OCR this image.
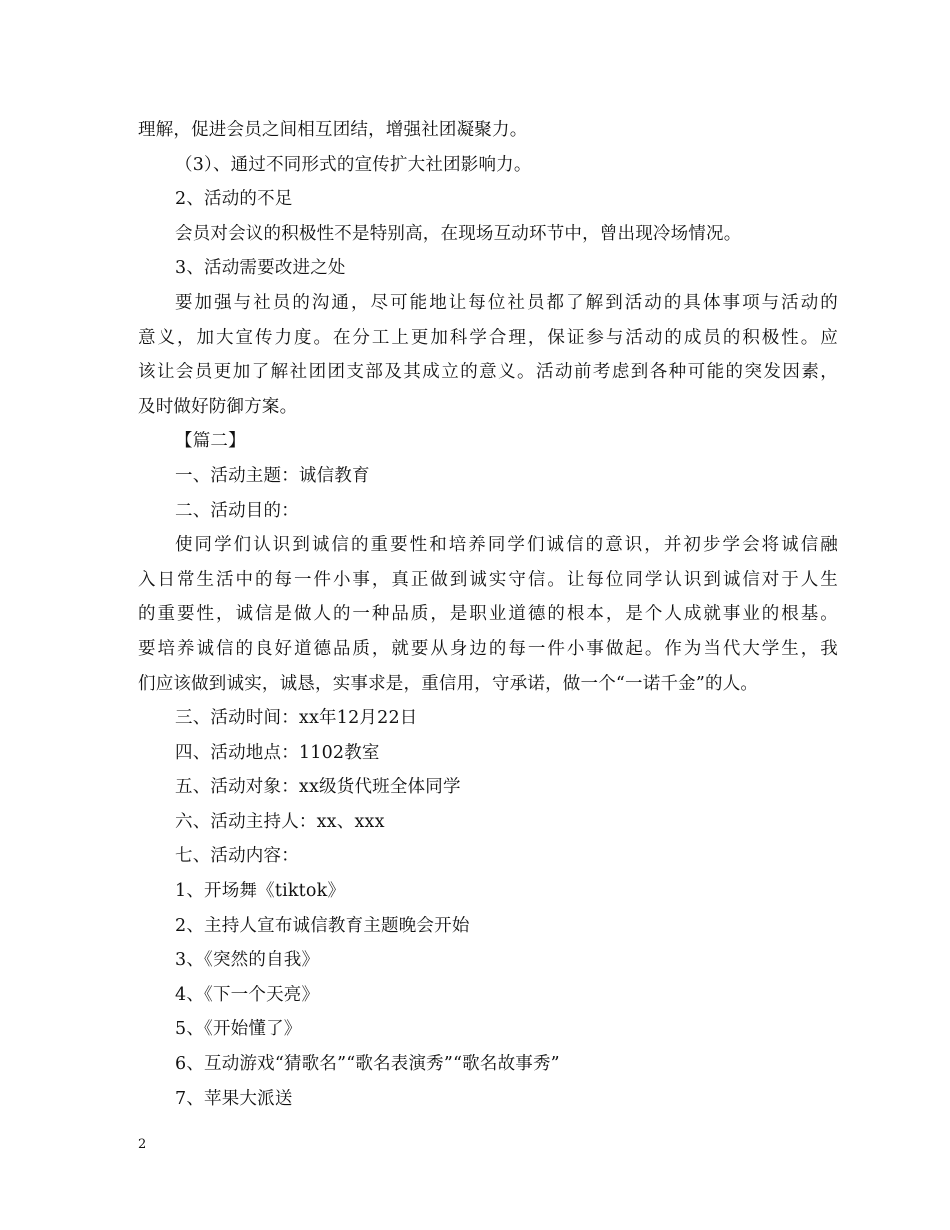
理解，促进会员之间相互团结，增强社团凝聚力。
（3）、通过不同形式的宣传扩大社团影响力。
2、活动的不足
会员对会议的积极性不是特别高，在现场互动环节中，曾出现冷场情况。
3、活动需要改进之处
要加强与社员的沟通，尽可能地让每位社员都了解到活动的具体事项与活动的
意义，加大宣传力度。在分工上更加科学合理，保证参与活动的成员的积极性。应
该让会员更加了解社团团支部及其成立的意义。活动前考虑到各种可能的突发因素，
及时做好防御方案。
【篇二】
一、活动主题：诚信教育
二、活动目的：
使同学们认识到诚信的重要性和培养同学们诚信的意识，并初步学会将诚信融
入日常生活中的每一件小事，真正做到诚实守信。让每位同学认识到诚信对于人生
的重要性，诚信是做人的一种品质，是职业道德的根本，是个人成就事业的根基。
要培养诚信的良好道德品质，就要从身边的每一件小事做起。作为当代大学生，我
们应该做到诚实，诚恳，实事求是，重信用，守承诺，做一个“一诺千金”的人。
三、活动时间：xx年12月22日
四、活动地点：1102教室
五、活动对象：xx级货代班全体同学
六、活动主持人：xx、xxx
七、活动内容：
1、开场舞《tiktok》
2、主持人宣布诚信教育主题晚会开始
3、《突然的自我》
4、《下一个天亮》
5、《开始懂了》
6、互动游戏“猜歌名”“歌名表演秀”“歌名故事秀”
7、苹果大派送
2
